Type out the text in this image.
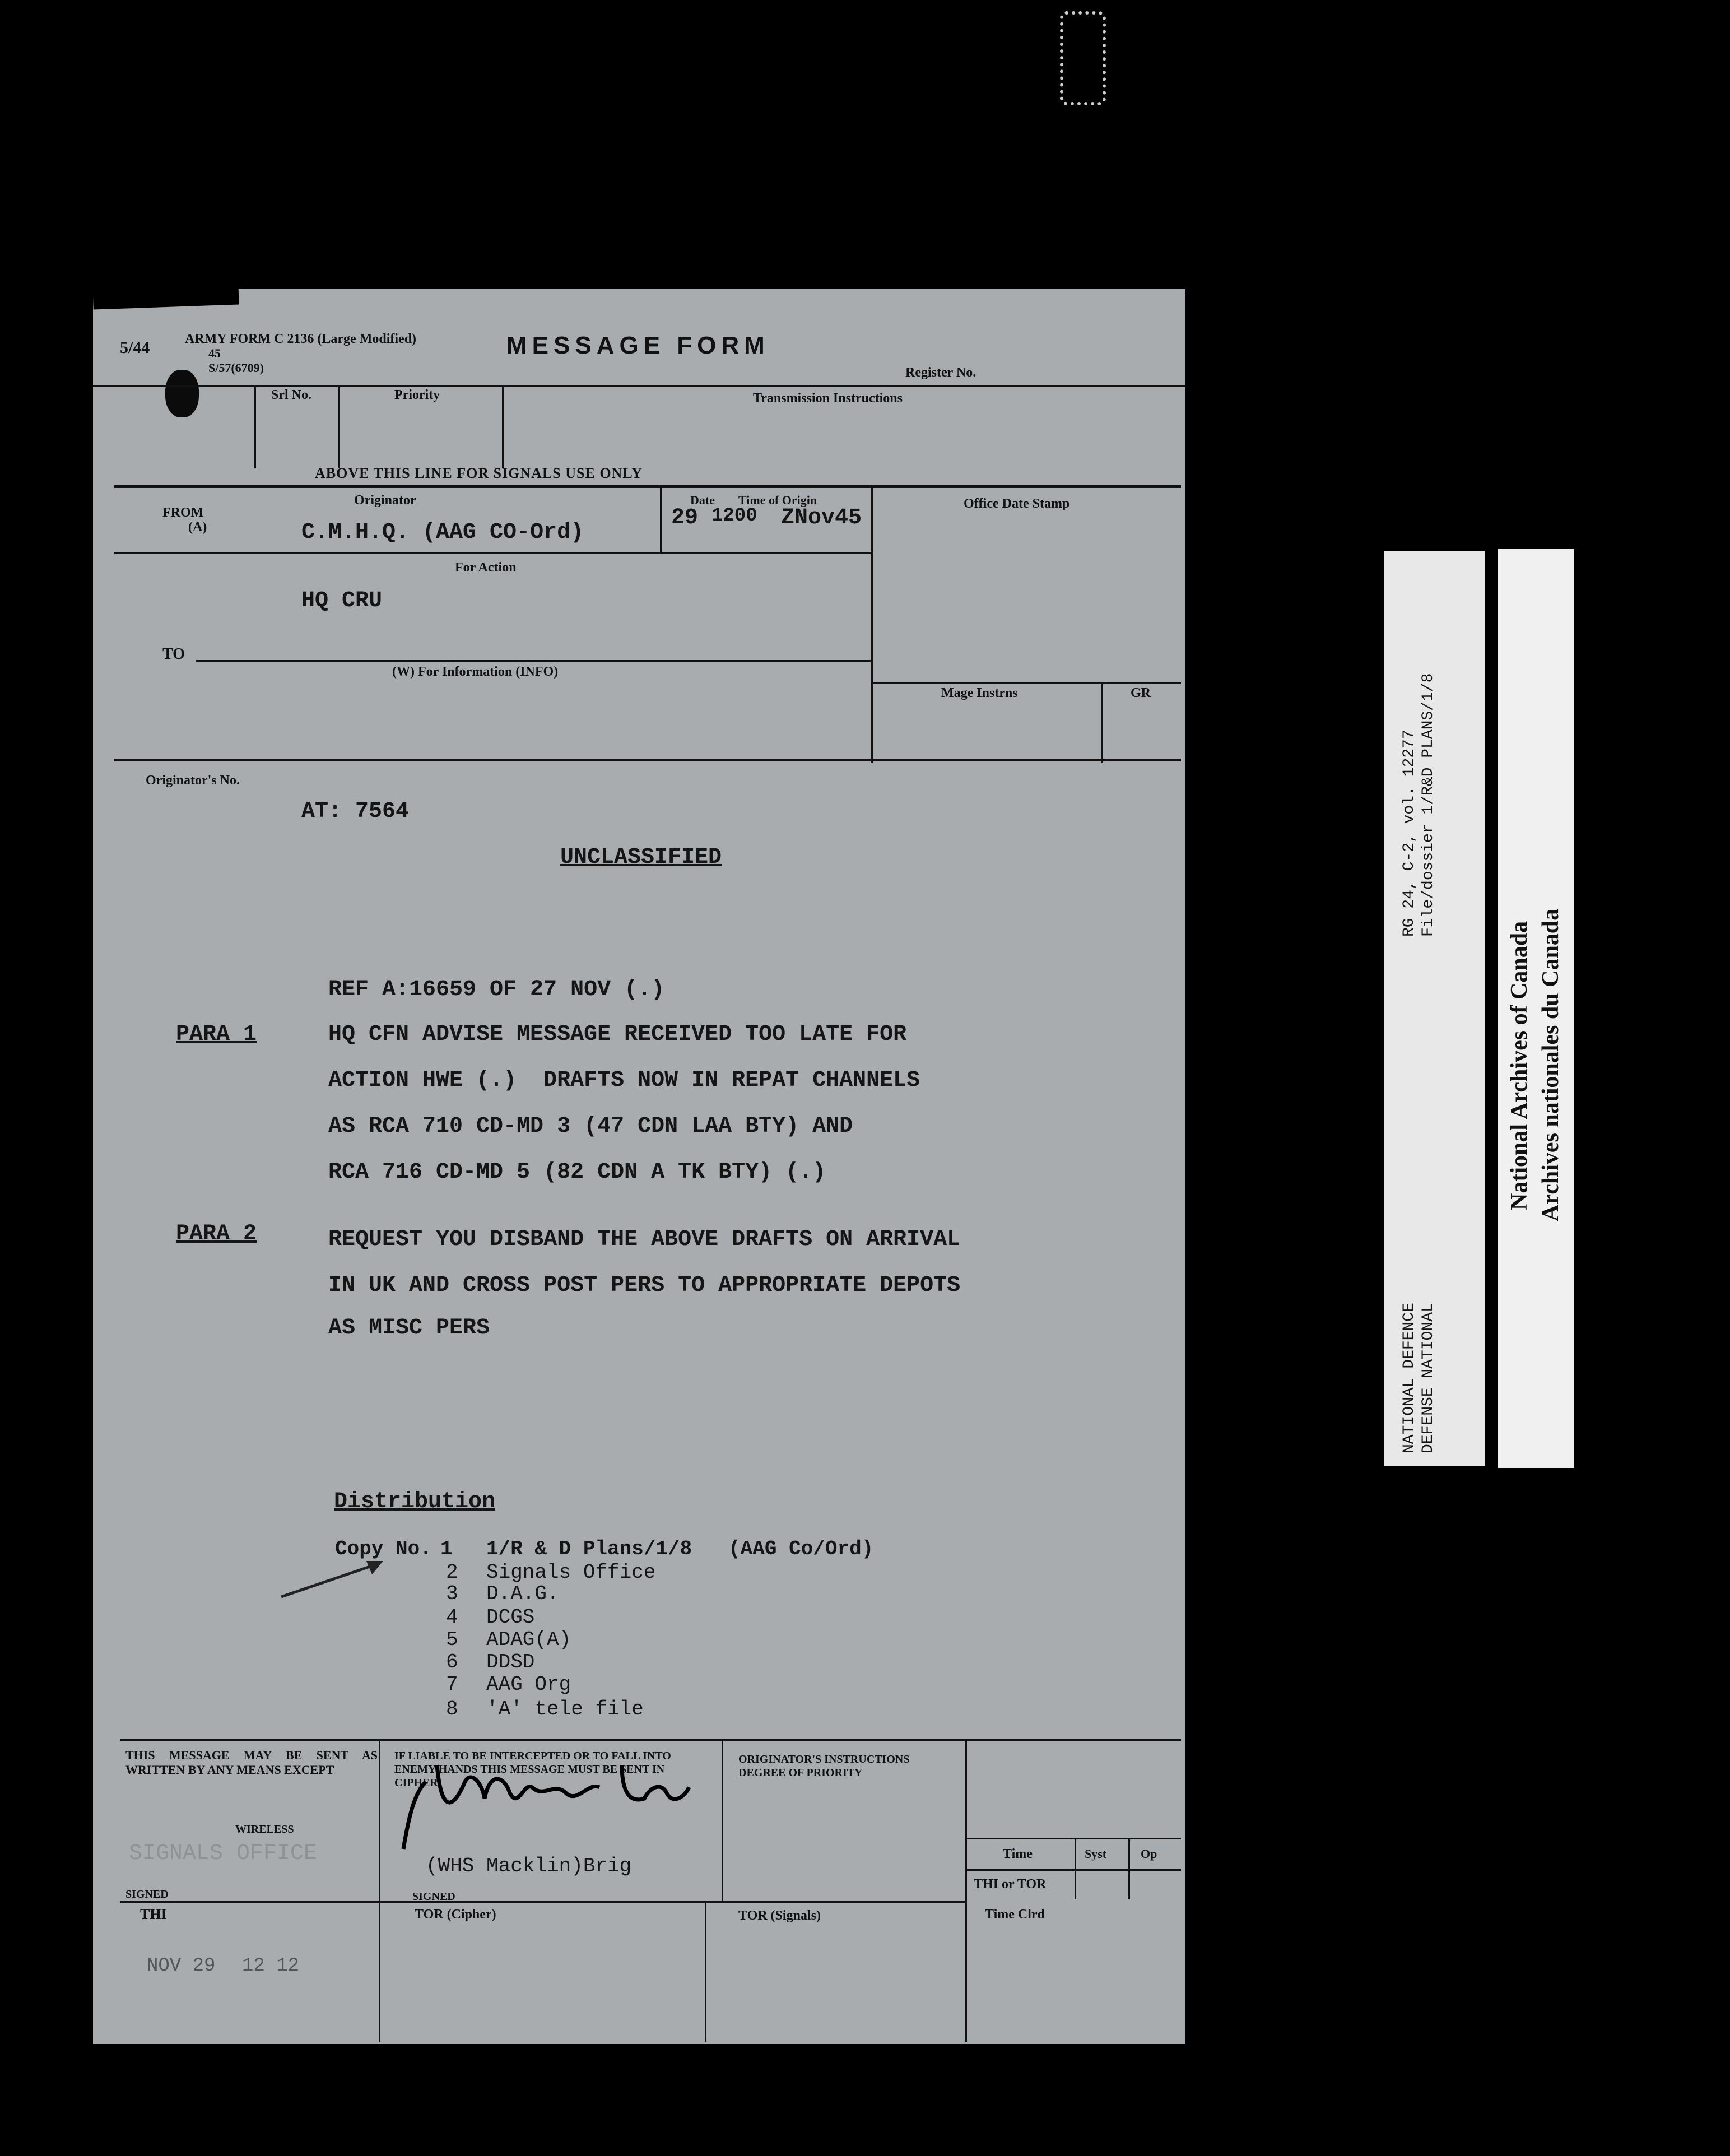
5/44	ARMY FORM C 2136 (Large Modified)
45
S/57(6709)
MESSAGE FORM
Register No.
Srl No.	Priority	Transmission Instructions
ABOVE THIS LINE FOR SIGNALS USE ONLY
FROM
(A)
Originator
C.M.H.Q. (AAG CO-Ord)
Date Time of Origin
29 1200 ZNov45
Office Date Stamp
For Action
HQ CRU
TO
(W) For Information (INFO)
Mage Instrns	GR
Originator's No.
AT: 7564
UNCLASSIFIED
REF A:16659 OF 27 NOV (.)
PARA 1	HQ CFN ADVISE MESSAGE RECEIVED TOO LATE FOR
ACTION HWE (.)  DRAFTS NOW IN REPAT CHANNELS
AS RCA 710 CD-MD 3 (47 CDN LAA BTY) AND
RCA 716 CD-MD 5 (82 CDN A TK BTY) (.)
PARA 2	REQUEST YOU DISBAND THE ABOVE DRAFTS ON ARRIVAL
IN UK AND CROSS POST PERS TO APPROPRIATE DEPOTS
AS MISC PERS
Distribution
Copy No. 1 1/R & D Plans/1/8   (AAG Co/Ord)
2 Signals Office
3 D.A.G.
4 DCGS
5 ADAG(A)
6 DDSD
7 AAG Org
8 'A' tele file
THIS MESSAGE MAY BE SENT AS WRITTEN BY ANY MEANS EXCEPT
WIRELESS
SIGNALS OFFICE
SIGNED
IF LIABLE TO BE INTERCEPTED OR TO FALL INTO ENEMY HANDS THIS MESSAGE MUST BE SENT IN CIPHER
(WHS Macklin)Brig
SIGNED
ORIGINATOR'S INSTRUCTIONS DEGREE OF PRIORITY
Time	Syst	Op
THI or TOR
Time Clrd
THI	TOR (Cipher)	TOR (Signals)
NOV 29 12 12
RG 24, C-2, vol. 12277 File/dossier 1/R&D PLANS/1/8
NATIONAL DEFENCE DEFENSE NATIONAL
National Archives of Canada Archives nationales du Canada
